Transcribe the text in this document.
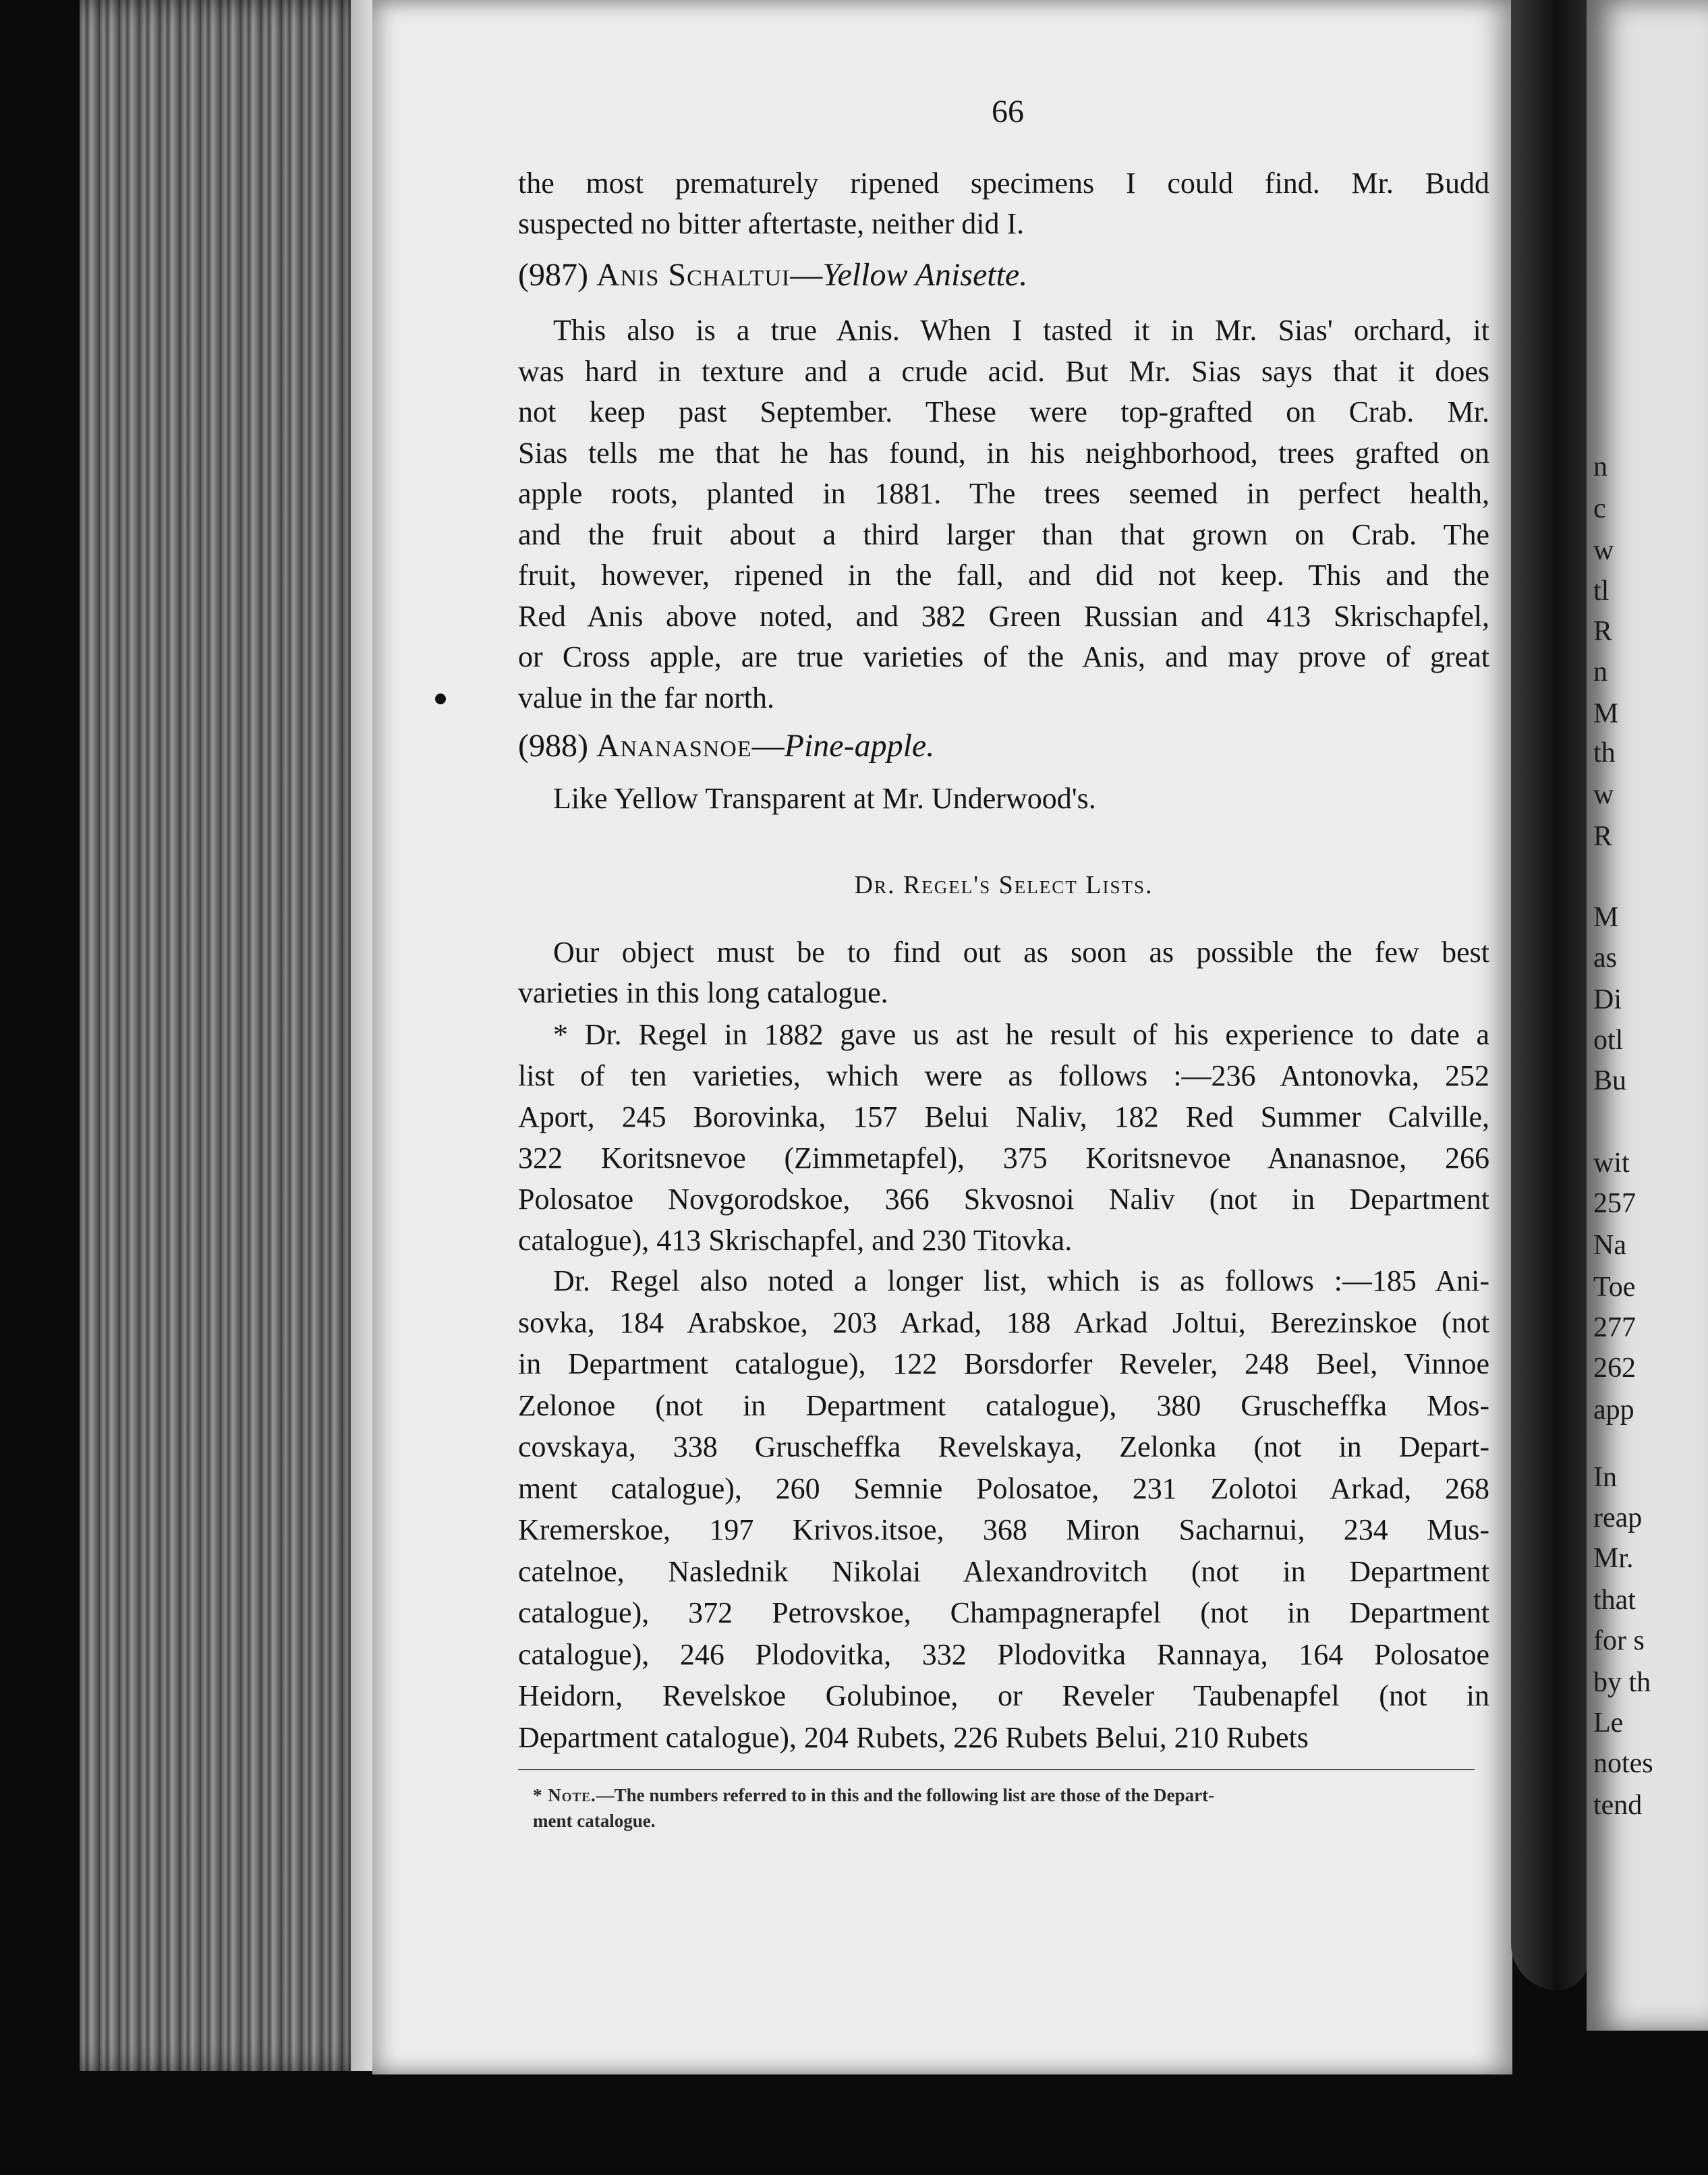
n
c
w
tl
R
n
M
th
w
R
M
as
Di
otl
Bu
wit
257
Na
Toe
277
262
app
In
reap
Mr.
that
for s
by th
Le
notes
tend
66
the most prematurely ripened specimens I could find. Mr. Budd
suspected no bitter aftertaste, neither did I.
(987) Anis Schaltui—Yellow Anisette.
This also is a true Anis. When I tasted it in Mr. Sias' orchard, it
was hard in texture and a crude acid. But Mr. Sias says that it does
not keep past September. These were top-grafted on Crab. Mr.
Sias tells me that he has found, in his neighborhood, trees grafted on
apple roots, planted in 1881. The trees seemed in perfect health,
and the fruit about a third larger than that grown on Crab. The
fruit, however, ripened in the fall, and did not keep. This and the
Red Anis above noted, and 382 Green Russian and 413 Skrischapfel,
or Cross apple, are true varieties of the Anis, and may prove of great
value in the far north.
(988) Ananasnoe—Pine-apple.
Like Yellow Transparent at Mr. Underwood's.
Dr. Regel's Select Lists.
Our object must be to find out as soon as possible the few best
varieties in this long catalogue.
* Dr. Regel in 1882 gave us ast he result of his experience to date a
list of ten varieties, which were as follows :—236 Antonovka, 252
Aport, 245 Borovinka, 157 Belui Naliv, 182 Red Summer Calville,
322 Koritsnevoe (Zimmetapfel), 375 Koritsnevoe Ananasnoe, 266
Polosatoe Novgorodskoe, 366 Skvosnoi Naliv (not in Department
catalogue), 413 Skrischapfel, and 230 Titovka.
Dr. Regel also noted a longer list, which is as follows :—185 Ani-
sovka, 184 Arabskoe, 203 Arkad, 188 Arkad Joltui, Berezinskoe (not
in Department catalogue), 122 Borsdorfer Reveler, 248 Beel, Vinnoe
Zelonoe (not in Department catalogue), 380 Gruscheffka Mos-
covskaya, 338 Gruscheffka Revelskaya, Zelonka (not in Depart-
ment catalogue), 260 Semnie Polosatoe, 231 Zolotoi Arkad, 268
Kremerskoe, 197 Krivos.itsoe, 368 Miron Sacharnui, 234 Mus-
catelnoe, Naslednik Nikolai Alexandrovitch (not in Department
catalogue), 372 Petrovskoe, Champagnerapfel (not in Department
catalogue), 246 Plodovitka, 332 Plodovitka Rannaya, 164 Polosatoe
Heidorn, Revelskoe Golubinoe, or Reveler Taubenapfel (not in
Department catalogue), 204 Rubets, 226 Rubets Belui, 210 Rubets
* Note.—The numbers referred to in this and the following list are those of the Depart-
ment catalogue.
